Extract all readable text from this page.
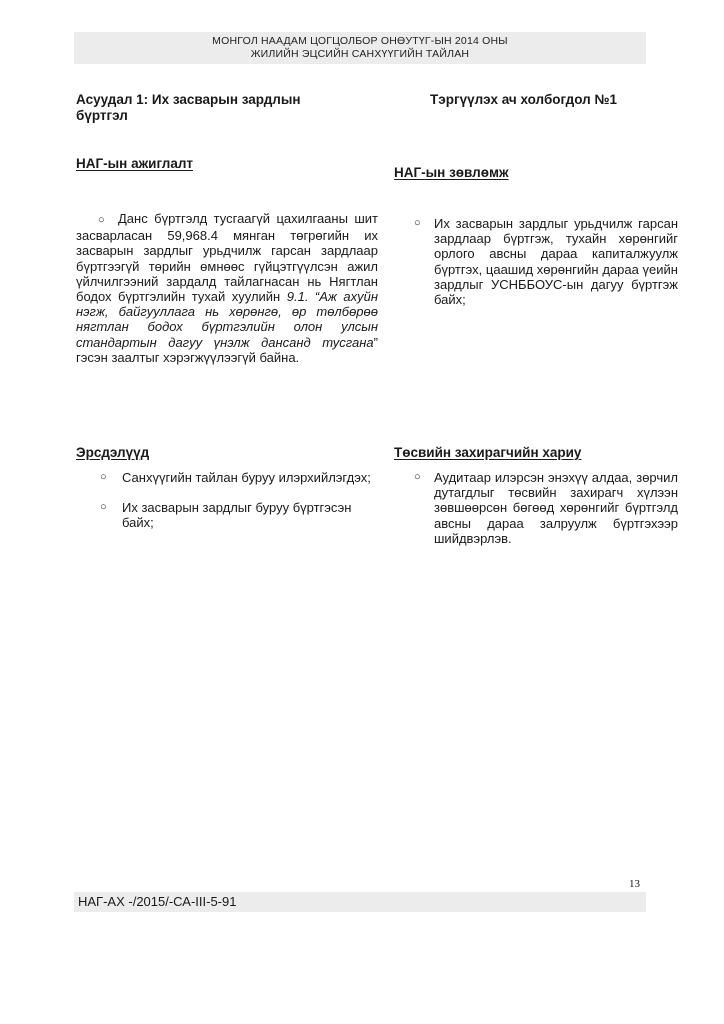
МОНГОЛ НААДАМ ЦОГЦОЛБОР ОНӨУТҮГ-ЫН 2014 ОНЫ
ЖИЛИЙН ЭЦСИЙН САНХҮҮГИЙН ТАЙЛАН
Асуудал 1: Их засварын зардлын
бүртгэл
НАГ-ын ажиглалт
○ Данс бүртгэлд тусгаагүй цахилгааны шит засварласан 59,968.4 мянган төгрөгийн их засварын зардлыг урьдчилж гарсан зардлаар бүртгээгүй төрийн өмнөөс гүйцэтгүүлсэн ажил үйлчилгээний зардалд тайлагнасан нь Нягтлан бодох бүртгэлийн тухай хуулийн 9.1. “Аж ахуйн нэгж, байгууллага нь хөрөнгө, өр төлбөрөө нягтлан бодох бүртгэлийн олон улсын стандартын дагуу үнэлж дансанд тусгана” гэсэн заалтыг хэрэгжүүлээгүй байна.
Эрсдэлүүд
○ Санхүүгийн тайлан буруу илэрхийлэгдэх;
○ Их засварын зардлыг буруу бүртгэсэн байх;
Тэргүүлэх ач холбогдол №1
НАГ-ын зөвлөмж
○ Их засварын зардлыг урьдчилж гарсан зардлаар бүртгэж, тухайн хөрөнгийг орлого авсны дараа капиталжуулж бүртгэх, цаашид хөрөнгийн дараа үеийн зардлыг УСНББОУС-ын дагуу бүртгэж байх;
Төсвийн захирагчийн хариу
○ Аудитаар илэрсэн энэхүү алдаа, зөрчил дутагдлыг төсвийн захирагч хүлээн зөвшөөрсөн бөгөөд хөрөнгийг бүртгэлд авсны дараа залруулж бүртгэхээр шийдвэрлэв.
13
НАГ-АХ -/2015/-СА-III-5-91
